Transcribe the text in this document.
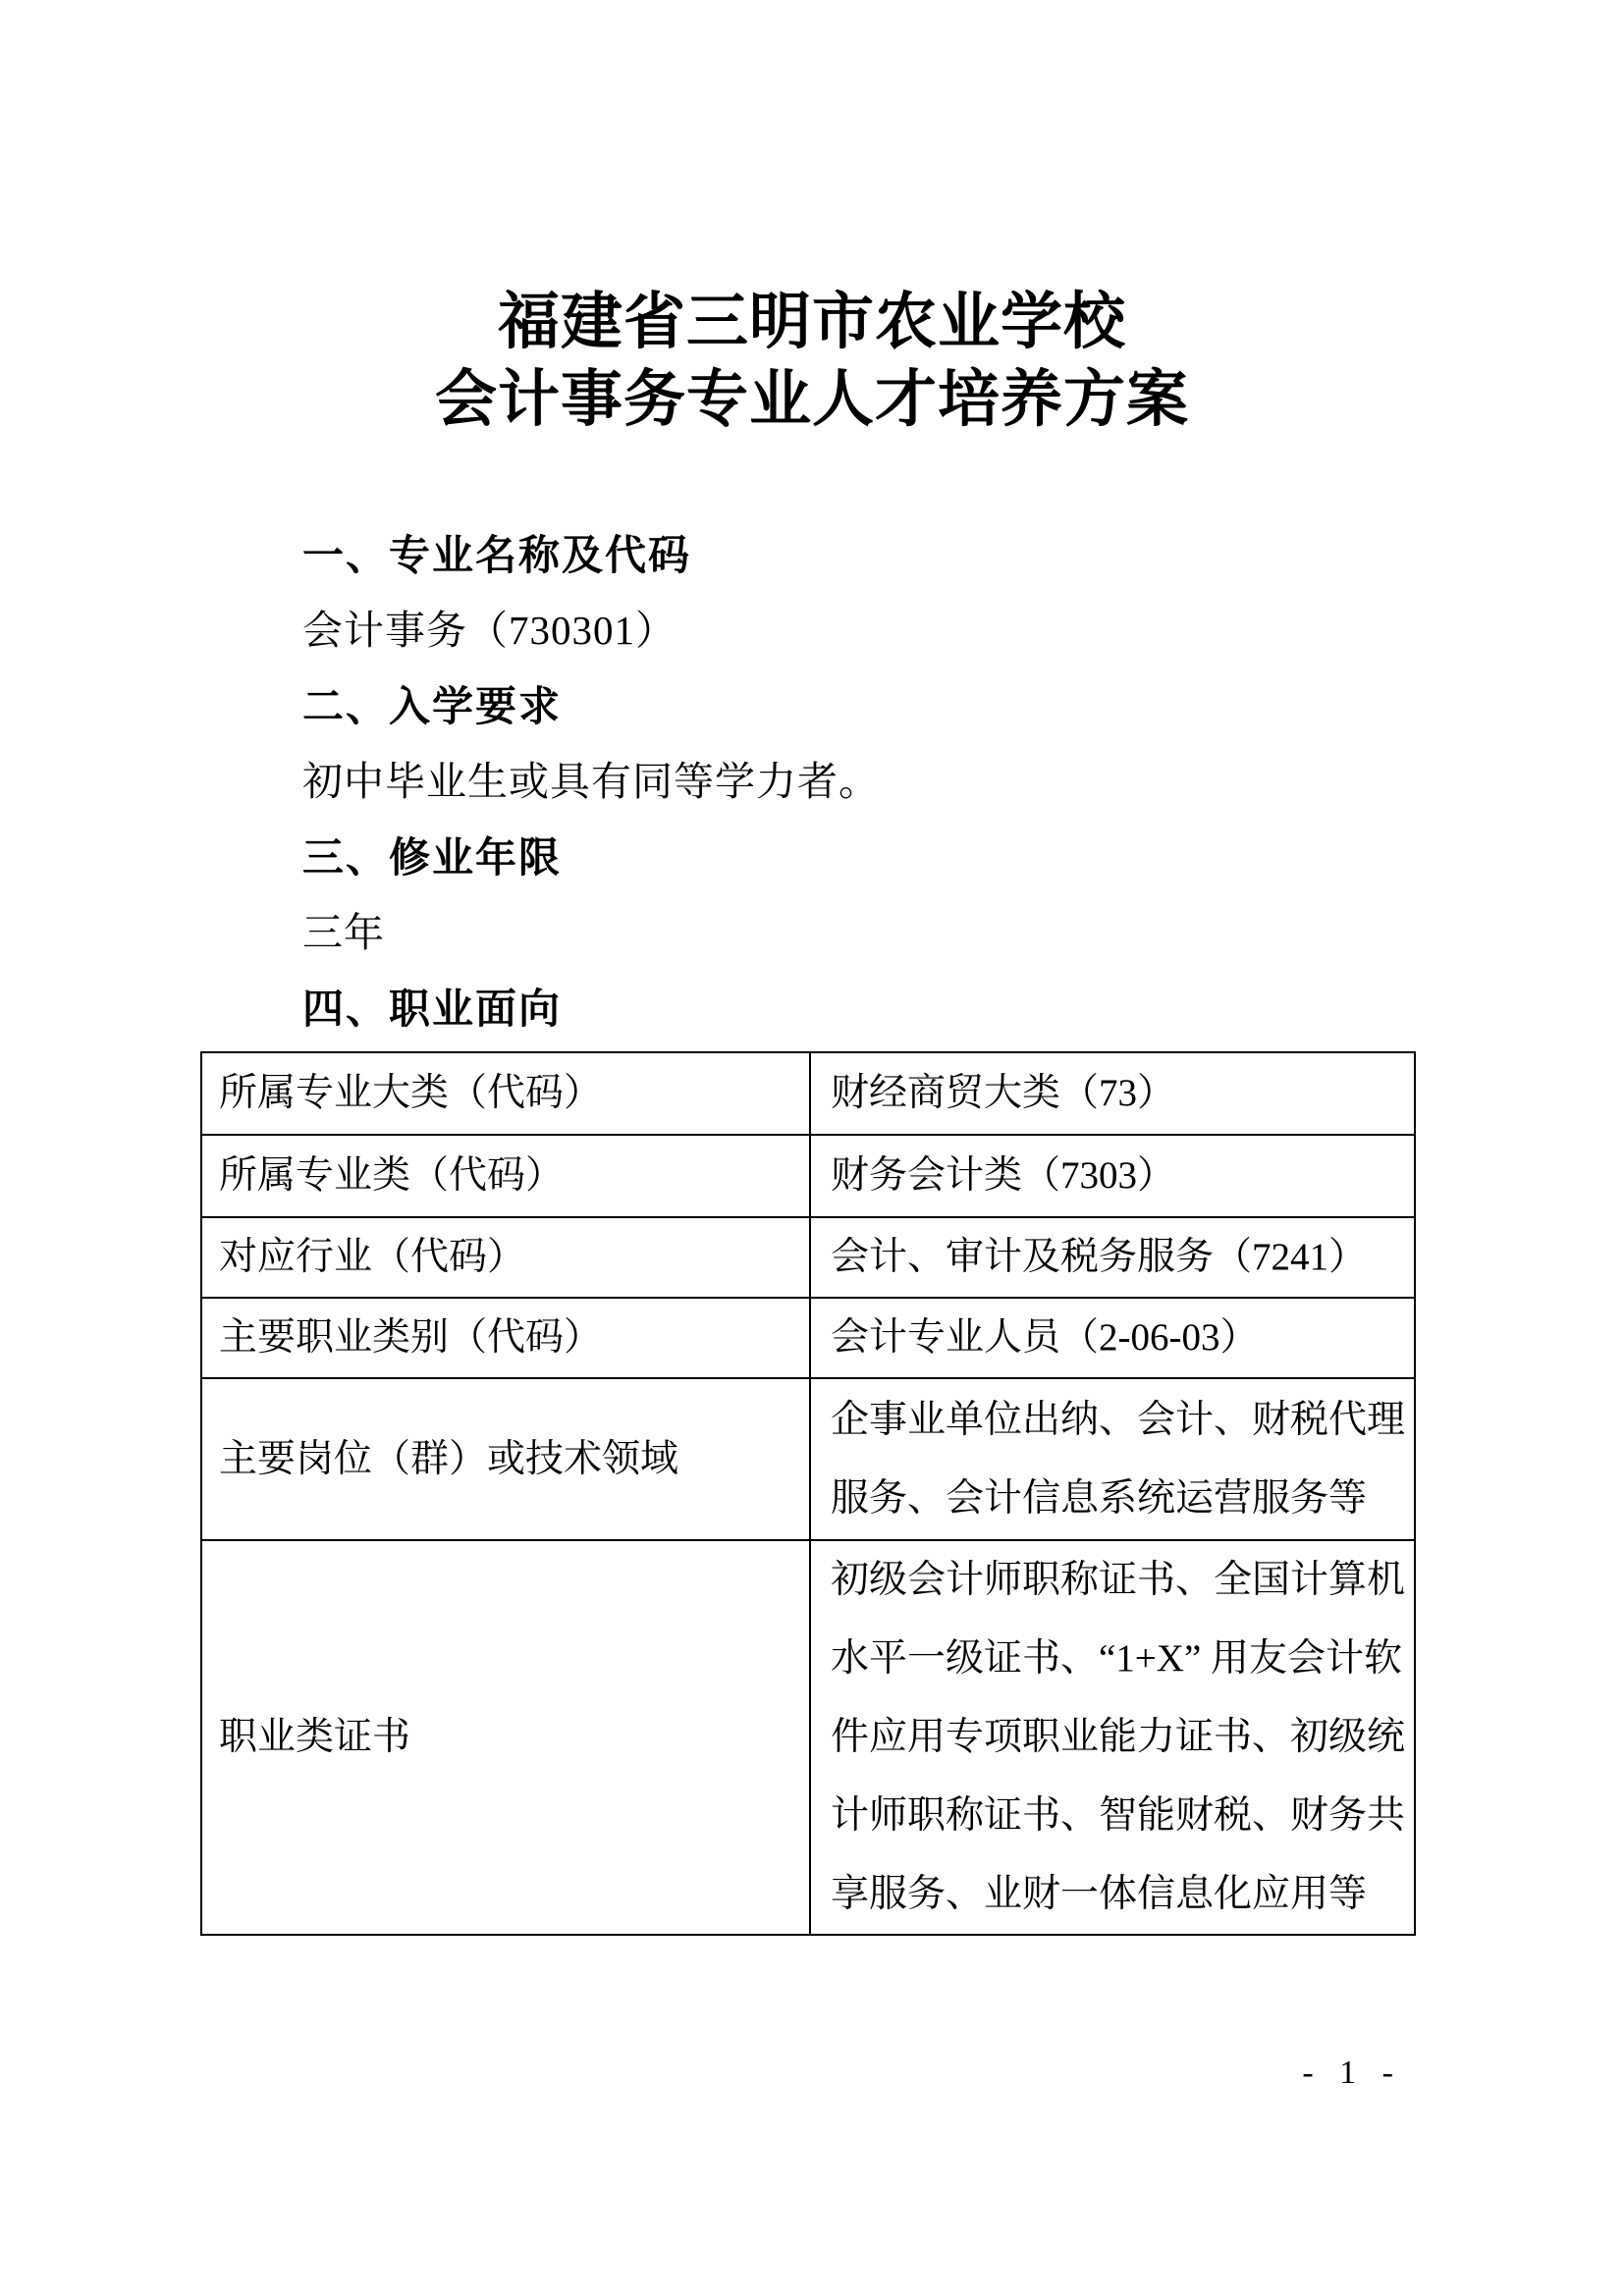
福建省三明市农业学校
会计事务专业人才培养方案
一、专业名称及代码
会计事务（730301）
二、入学要求
初中毕业生或具有同等学力者。
三、修业年限
三年
四、职业面向
所属专业大类（代码）	财经商贸大类（73）

所属专业类（代码）	财务会计类（7303）

对应行业（代码）	会计、审计及税务服务（7241）

主要职业类别（代码）	会计专业人员（2-06-03）

主要岗位（群）或技术领域	企事业单位出纳、会计、财税代理
服务、会计信息系统运营服务等

职业类证书	初级会计师职称证书、全国计算机
水平一级证书、“1+X” 用友会计软
件应用专项职业能力证书、初级统
计师职称证书、智能财税、财务共
享服务、业财一体信息化应用等
- 1 -
